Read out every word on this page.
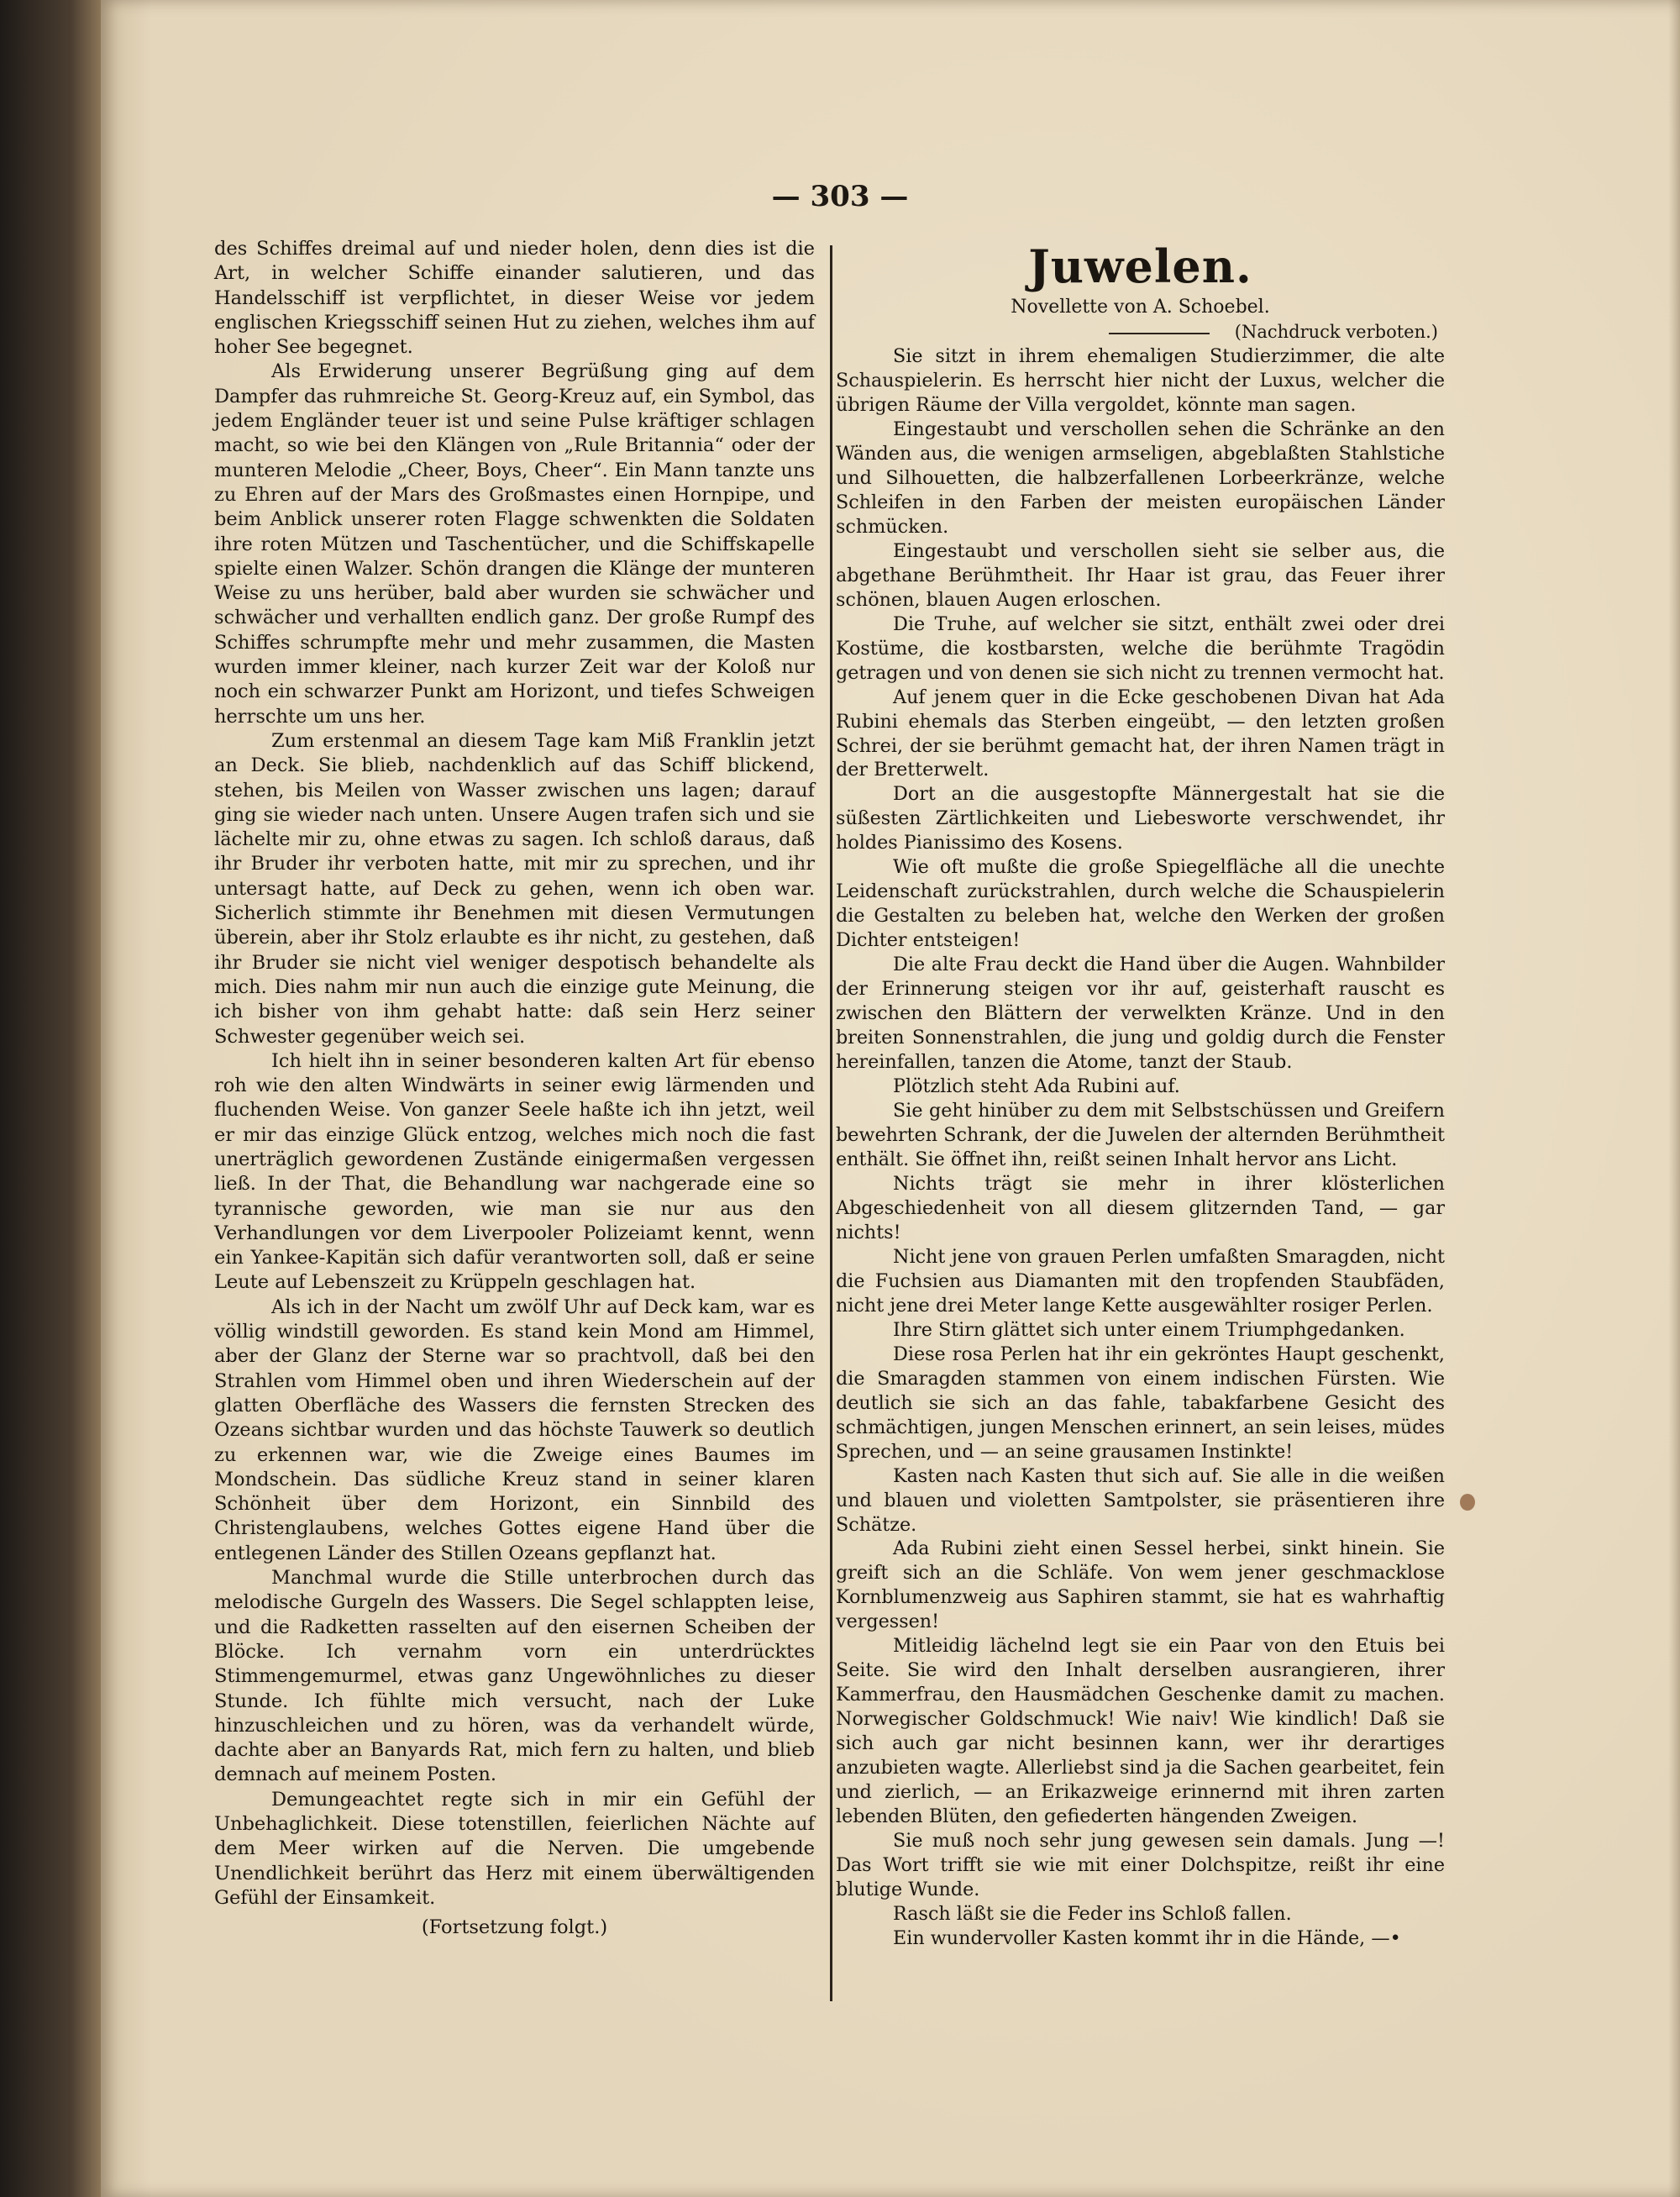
— 303 —

des Schiffes dreimal auf und nieder holen, denn dies ist die Art, in welcher Schiffe einander salutieren, und das Handelsschiff ist verpflichtet, in dieser Weise vor jedem englischen Kriegsschiff seinen Hut zu ziehen, welches ihm auf hoher See begegnet.

Als Erwiderung unserer Begrüßung ging auf dem Dampfer das ruhmreiche St. Georg-Kreuz auf, ein Symbol, das jedem Engländer teuer ist und seine Pulse kräftiger schlagen macht, so wie bei den Klängen von „Rule Britannia“ oder der munteren Melodie „Cheer, Boys, Cheer“. Ein Mann tanzte uns zu Ehren auf der Mars des Großmastes einen Hornpipe, und beim Anblick unserer roten Flagge schwenkten die Soldaten ihre roten Mützen und Taschentücher, und die Schiffskapelle spielte einen Walzer. Schön drangen die Klänge der munteren Weise zu uns herüber, bald aber wurden sie schwächer und schwächer und verhallten endlich ganz. Der große Rumpf des Schiffes schrumpfte mehr und mehr zusammen, die Masten wurden immer kleiner, nach kurzer Zeit war der Koloß nur noch ein schwarzer Punkt am Horizont, und tiefes Schweigen herrschte um uns her.

Zum erstenmal an diesem Tage kam Miß Franklin jetzt an Deck. Sie blieb, nachdenklich auf das Schiff blickend, stehen, bis Meilen von Wasser zwischen uns lagen; darauf ging sie wieder nach unten. Unsere Augen trafen sich und sie lächelte mir zu, ohne etwas zu sagen. Ich schloß daraus, daß ihr Bruder ihr verboten hatte, mit mir zu sprechen, und ihr untersagt hatte, auf Deck zu gehen, wenn ich oben war. Sicherlich stimmte ihr Benehmen mit diesen Vermutungen überein, aber ihr Stolz erlaubte es ihr nicht, zu gestehen, daß ihr Bruder sie nicht viel weniger despotisch behandelte als mich. Dies nahm mir nun auch die einzige gute Meinung, die ich bisher von ihm gehabt hatte: daß sein Herz seiner Schwester gegenüber weich sei.

Ich hielt ihn in seiner besonderen kalten Art für ebenso roh wie den alten Windwärts in seiner ewig lärmenden und fluchenden Weise. Von ganzer Seele haßte ich ihn jetzt, weil er mir das einzige Glück entzog, welches mich noch die fast unerträglich gewordenen Zustände einigermaßen vergessen ließ. In der That, die Behandlung war nachgerade eine so tyrannische geworden, wie man sie nur aus den Verhandlungen vor dem Liverpooler Polizeiamt kennt, wenn ein Yankee-Kapitän sich dafür verantworten soll, daß er seine Leute auf Lebenszeit zu Krüppeln geschlagen hat.

Als ich in der Nacht um zwölf Uhr auf Deck kam, war es völlig windstill geworden. Es stand kein Mond am Himmel, aber der Glanz der Sterne war so prachtvoll, daß bei den Strahlen vom Himmel oben und ihren Wiederschein auf der glatten Oberfläche des Wassers die fernsten Strecken des Ozeans sichtbar wurden und das höchste Tauwerk so deutlich zu erkennen war, wie die Zweige eines Baumes im Mondschein. Das südliche Kreuz stand in seiner klaren Schönheit über dem Horizont, ein Sinnbild des Christenglaubens, welches Gottes eigene Hand über die entlegenen Länder des Stillen Ozeans gepflanzt hat.

Manchmal wurde die Stille unterbrochen durch das melodische Gurgeln des Wassers. Die Segel schlappten leise, und die Radketten rasselten auf den eisernen Scheiben der Blöcke. Ich vernahm vorn ein unterdrücktes Stimmengemurmel, etwas ganz Ungewöhnliches zu dieser Stunde. Ich fühlte mich versucht, nach der Luke hinzuschleichen und zu hören, was da verhandelt würde, dachte aber an Banyards Rat, mich fern zu halten, und blieb demnach auf meinem Posten.

Demungeachtet regte sich in mir ein Gefühl der Unbehaglichkeit. Diese totenstillen, feierlichen Nächte auf dem Meer wirken auf die Nerven. Die umgebende Unendlichkeit berührt das Herz mit einem überwältigenden Gefühl der Einsamkeit.

(Fortsetzung folgt.)

Juwelen.
Novellette von A. Schoebel.
(Nachdruck verboten.)

Sie sitzt in ihrem ehemaligen Studierzimmer, die alte Schauspielerin. Es herrscht hier nicht der Luxus, welcher die übrigen Räume der Villa vergoldet, könnte man sagen.

Eingestaubt und verschollen sehen die Schränke an den Wänden aus, die wenigen armseligen, abgeblaßten Stahlstiche und Silhouetten, die halbzerfallenen Lorbeerkränze, welche Schleifen in den Farben der meisten europäischen Länder schmücken.

Eingestaubt und verschollen sieht sie selber aus, die abgethane Berühmtheit. Ihr Haar ist grau, das Feuer ihrer schönen, blauen Augen erloschen.

Die Truhe, auf welcher sie sitzt, enthält zwei oder drei Kostüme, die kostbarsten, welche die berühmte Tragödin getragen und von denen sie sich nicht zu trennen vermocht hat.

Auf jenem quer in die Ecke geschobenen Divan hat Ada Rubini ehemals das Sterben eingeübt, — den letzten großen Schrei, der sie berühmt gemacht hat, der ihren Namen trägt in der Bretterwelt.

Dort an die ausgestopfte Männergestalt hat sie die süßesten Zärtlichkeiten und Liebesworte verschwendet, ihr holdes Pianissimo des Kosens.

Wie oft mußte die große Spiegelfläche all die unechte Leidenschaft zurückstrahlen, durch welche die Schauspielerin die Gestalten zu beleben hat, welche den Werken der großen Dichter entsteigen!

Die alte Frau deckt die Hand über die Augen. Wahnbilder der Erinnerung steigen vor ihr auf, geisterhaft rauscht es zwischen den Blättern der verwelkten Kränze. Und in den breiten Sonnenstrahlen, die jung und goldig durch die Fenster hereinfallen, tanzen die Atome, tanzt der Staub.

Plötzlich steht Ada Rubini auf.

Sie geht hinüber zu dem mit Selbstschüssen und Greifern bewehrten Schrank, der die Juwelen der alternden Berühmtheit enthält. Sie öffnet ihn, reißt seinen Inhalt hervor ans Licht.

Nichts trägt sie mehr in ihrer klösterlichen Abgeschiedenheit von all diesem glitzernden Tand, — gar nichts!

Nicht jene von grauen Perlen umfaßten Smaragden, nicht die Fuchsien aus Diamanten mit den tropfenden Staubfäden, nicht jene drei Meter lange Kette ausgewählter rosiger Perlen.

Ihre Stirn glättet sich unter einem Triumphgedanken.

Diese rosa Perlen hat ihr ein gekröntes Haupt geschenkt, die Smaragden stammen von einem indischen Fürsten. Wie deutlich sie sich an das fahle, tabakfarbene Gesicht des schmächtigen, jungen Menschen erinnert, an sein leises, müdes Sprechen, und — an seine grausamen Instinkte!

Kasten nach Kasten thut sich auf. Sie alle in die weißen und blauen und violetten Samtpolster, sie präsentieren ihre Schätze.

Ada Rubini zieht einen Sessel herbei, sinkt hinein. Sie greift sich an die Schläfe. Von wem jener geschmacklose Kornblumenzweig aus Saphiren stammt, sie hat es wahrhaftig vergessen!

Mitleidig lächelnd legt sie ein Paar von den Etuis bei Seite. Sie wird den Inhalt derselben ausrangieren, ihrer Kammerfrau, den Hausmädchen Geschenke damit zu machen. Norwegischer Goldschmuck! Wie naiv! Wie kindlich! Daß sie sich auch gar nicht besinnen kann, wer ihr derartiges anzubieten wagte. Allerliebst sind ja die Sachen gearbeitet, fein und zierlich, — an Erikazweige erinnernd mit ihren zarten lebenden Blüten, den gefiederten hängenden Zweigen.

Sie muß noch sehr jung gewesen sein damals. Jung —! Das Wort trifft sie wie mit einer Dolchspitze, reißt ihr eine blutige Wunde.

Rasch läßt sie die Feder ins Schloß fallen.

Ein wundervoller Kasten kommt ihr in die Hände, —•
